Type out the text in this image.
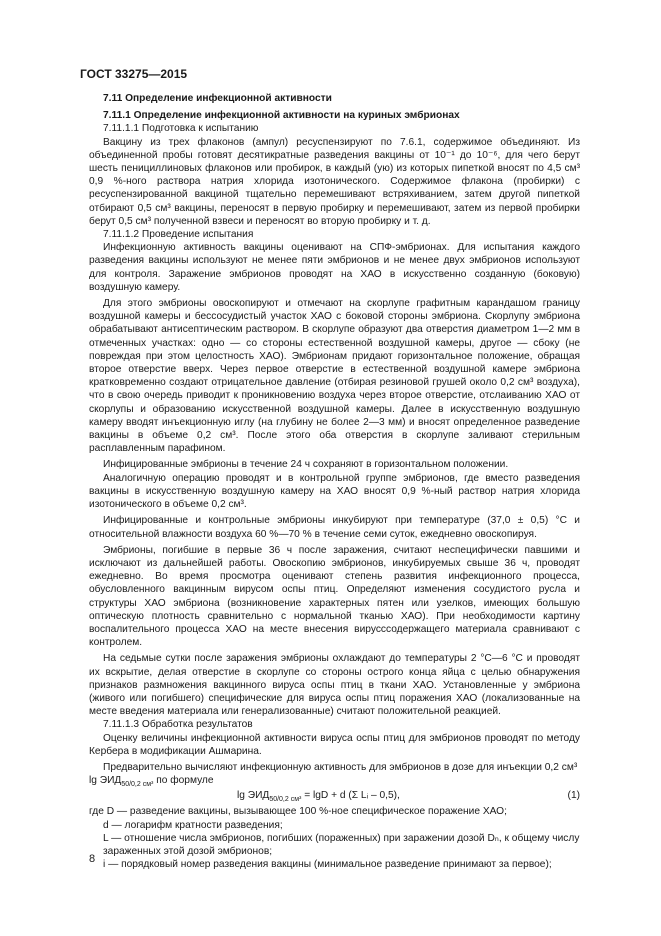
ГОСТ 33275—2015

7.11 Определение инфекционной активности

7.11.1 Определение инфекционной активности на куриных эмбрионах

7.11.1.1 Подготовка к испытанию

Вакцину из трех флаконов (ампул) ресуспензируют по 7.6.1, содержимое объединяют. Из объединенной пробы готовят десятикратные разведения вакцины от 10⁻¹ до 10⁻⁶, для чего берут шесть пенициллиновых флаконов или пробирок, в каждый (ую) из которых пипеткой вносят по 4,5 см³ 0,9 %-ного раствора натрия хлорида изотонического. Содержимое флакона (пробирки) с ресуспензированной вакциной тщательно перемешивают встряхиванием, затем другой пипеткой отбирают 0,5 см³ вакцины, переносят в первую пробирку и перемешивают, затем из первой пробирки берут 0,5 см³ полученной взвеси и переносят во вторую пробирку и т. д.

7.11.1.2 Проведение испытания

Инфекционную активность вакцины оценивают на СПФ-эмбрионах. Для испытания каждого разведения вакцины используют не менее пяти эмбрионов и не менее двух эмбрионов используют для контроля. Заражение эмбрионов проводят на ХАО в искусственно созданную (боковую) воздушную камеру.

Для этого эмбрионы овоскопируют и отмечают на скорлупе графитным карандашом границу воздушной камеры и бессосудистый участок ХАО с боковой стороны эмбриона. Скорлупу эмбриона обрабатывают антисептическим раствором. В скорлупе образуют два отверстия диаметром 1—2 мм в отмеченных участках: одно — со стороны естественной воздушной камеры, другое — сбоку (не повреждая при этом целостность ХАО). Эмбрионам придают горизонтальное положение, обращая второе отверстие вверх. Через первое отверстие в естественной воздушной камере эмбриона кратковременно создают отрицательное давление (отбирая резиновой грушей около 0,2 см³ воздуха), что в свою очередь приводит к проникновению воздуха через второе отверстие, отслаиванию ХАО от скорлупы и образованию искусственной воздушной камеры. Далее в искусственную воздушную камеру вводят инъекционную иглу (на глубину не более 2—3 мм) и вносят определенное разведение вакцины в объеме 0,2 см³. После этого оба отверстия в скорлупе заливают стерильным расплавленным парафином.

Инфицированные эмбрионы в течение 24 ч сохраняют в горизонтальном положении.

Аналогичную операцию проводят и в контрольной группе эмбрионов, где вместо разведения вакцины в искусственную воздушную камеру на ХАО вносят 0,9 %-ный раствор натрия хлорида изотонического в объеме 0,2 см³.

Инфицированные и контрольные эмбрионы инкубируют при температуре (37,0 ± 0,5) °С и относительной влажности воздуха 60 %—70 % в течение семи суток, ежедневно овоскопируя.

Эмбрионы, погибшие в первые 36 ч после заражения, считают неспецифически павшими и исключают из дальнейшей работы. Овоскопию эмбрионов, инкубируемых свыше 36 ч, проводят ежедневно. Во время просмотра оценивают степень развития инфекционного процесса, обусловленного вакцинным вирусом оспы птиц. Определяют изменения сосудистого русла и структуры ХАО эмбриона (возникновение характерных пятен или узелков, имеющих большую оптическую плотность сравнительно с нормальной тканью ХАО). При необходимости картину воспалительного процесса ХАО на месте внесения вирусссодержащего материала сравнивают с контролем.

На седьмые сутки после заражения эмбрионы охлаждают до температуры 2 °С—6 °С и проводят их вскрытие, делая отверстие в скорлупе со стороны острого конца яйца с целью обнаружения признаков размножения вакцинного вируса оспы птиц в ткани ХАО. Установленные у эмбриона (живого или погибшего) специфические для вируса оспы птиц поражения ХАО (локализованные на месте введения материала или генерализованные) считают положительной реакцией.

7.11.1.3 Обработка результатов

Оценку величины инфекционной активности вируса оспы птиц для эмбрионов проводят по методу Кербера в модификации Ашмарина.

Предварительно вычисляют инфекционную активность для эмбрионов в дозе для инъекции 0,2 см³

$\lg ЭИД_{50/0,2 см^3}$ по формуле

$\lg ЭИД_{50/0,2 см^3} = \lg D + d$ (Σ Lᵢ – 0,5),	(1)

где D — разведение вакцины, вызывающее 100 %-ное специфическое поражение ХАО;

d — логарифм кратности разведения;

L — отношение числа эмбрионов, погибших (пораженных) при заражении дозой Dₙ, к общему числу

зараженных этой дозой эмбрионов;

i — порядковый номер разведения вакцины (минимальное разведение принимают за первое);

8
